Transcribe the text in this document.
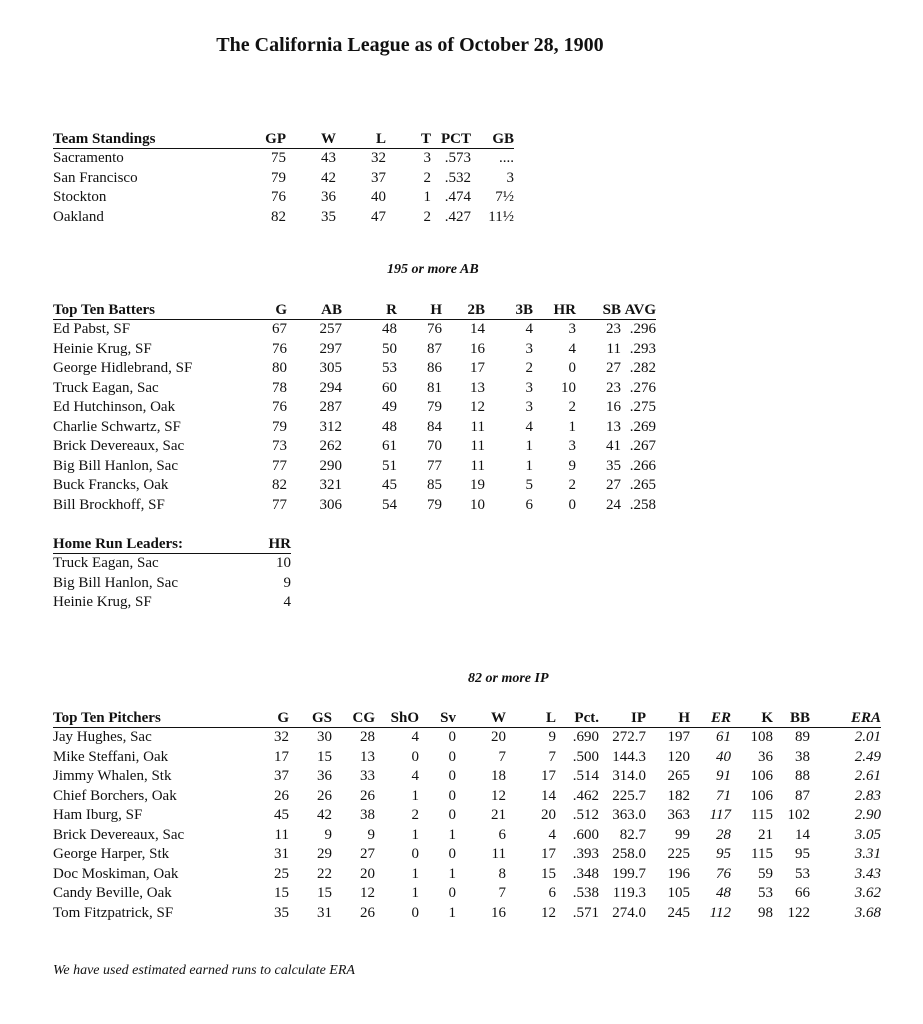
The California League as of October 28, 1900
Team Standings	GP	W	L	T	PCT	GB
Sacramento	75	43	32	3	.573	....
San Francisco	79	42	37	2	.532	3
Stockton	76	36	40	1	.474	7½
Oakland	82	35	47	2	.427	11½
195 or more AB
Top Ten Batters	G	AB	R	H	2B	3B	HR	SB	AVG
Ed Pabst, SF	67	257	48	76	14	4	3	23	.296
Heinie Krug, SF	76	297	50	87	16	3	4	11	.293
George Hidlebrand, SF	80	305	53	86	17	2	0	27	.282
Truck Eagan, Sac	78	294	60	81	13	3	10	23	.276
Ed Hutchinson, Oak	76	287	49	79	12	3	2	16	.275
Charlie Schwartz, SF	79	312	48	84	11	4	1	13	.269
Brick Devereaux, Sac	73	262	61	70	11	1	3	41	.267
Big Bill Hanlon, Sac	77	290	51	77	11	1	9	35	.266
Buck Francks, Oak	82	321	45	85	19	5	2	27	.265
Bill Brockhoff, SF	77	306	54	79	10	6	0	24	.258
Home Run Leaders:	HR
Truck Eagan, Sac	10
Big Bill Hanlon, Sac	9
Heinie Krug, SF	4
82 or more IP
Top Ten Pitchers	G	GS	CG	ShO	Sv	W	L	Pct.	IP	H	ER	K	BB	ERA
Jay Hughes, Sac	32	30	28	4	0	20	9	.690	272.7	197	61	108	89	2.01
Mike Steffani, Oak	17	15	13	0	0	7	7	.500	144.3	120	40	36	38	2.49
Jimmy Whalen, Stk	37	36	33	4	0	18	17	.514	314.0	265	91	106	88	2.61
Chief Borchers, Oak	26	26	26	1	0	12	14	.462	225.7	182	71	106	87	2.83
Ham Iburg, SF	45	42	38	2	0	21	20	.512	363.0	363	117	115	102	2.90
Brick Devereaux, Sac	11	9	9	1	1	6	4	.600	82.7	99	28	21	14	3.05
George Harper, Stk	31	29	27	0	0	11	17	.393	258.0	225	95	115	95	3.31
Doc Moskiman, Oak	25	22	20	1	1	8	15	.348	199.7	196	76	59	53	3.43
Candy Beville, Oak	15	15	12	1	0	7	6	.538	119.3	105	48	53	66	3.62
Tom Fitzpatrick, SF	35	31	26	0	1	16	12	.571	274.0	245	112	98	122	3.68
We have used estimated earned runs to calculate ERA
